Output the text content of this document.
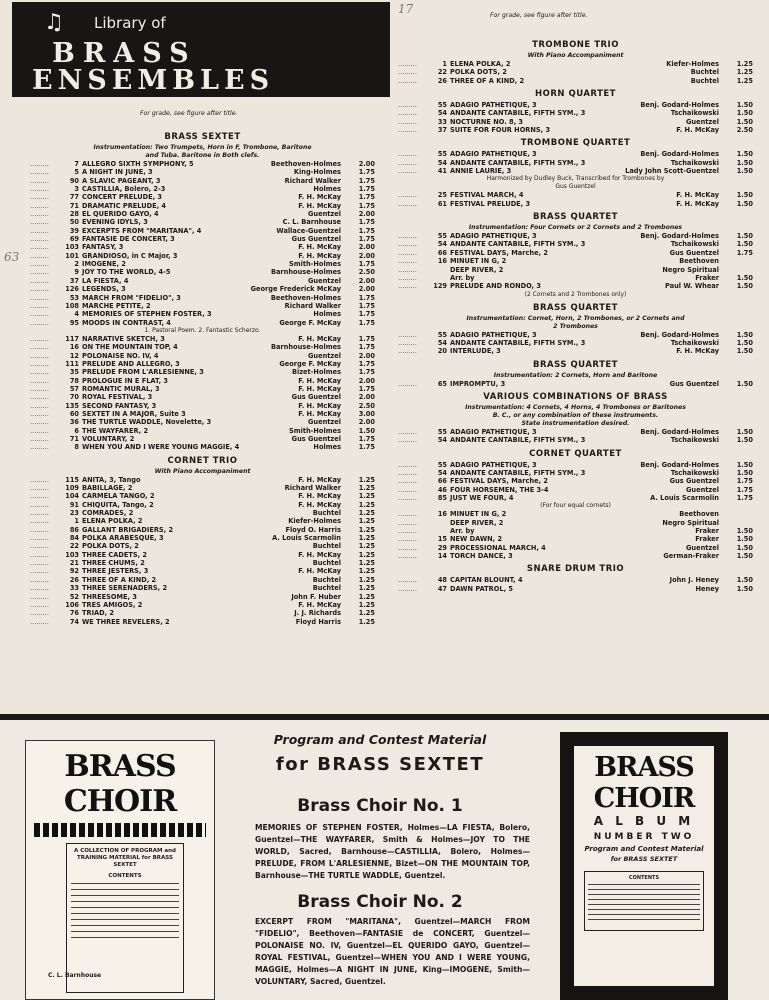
♫ Library of
BRASS
ENSEMBLES
For grade, see figure after title.
For grade, see figure after title.
63
17
BRASS SEXTET
Instrumentation: Two Trumpets, Horn in F, Trombone, Baritone
and Tuba. Baritone in Both clefs.
.........	7 ALLEGRO SIXTH SYMPHONY, 5	Beethoven-Holmes	2.00
.........	5 A NIGHT IN JUNE, 3	King-Holmes	1.75
.........	90 A SLAVIC PAGEANT, 3	Richard Walker	1.75
.........	3 CASTILLIA, Bolero, 2-3	Holmes	1.75
.........	77 CONCERT PRELUDE, 3	F. H. McKay	1.75
.........	71 DRAMATIC PRELUDE, 4	F. H. McKay	1.75
.........	28 EL QUERIDO GAYO, 4	Guentzel	2.00
.........	50 EVENING IDYLS, 3	C. L. Barnhouse	1.75
.........	39 EXCERPTS FROM "MARITANA", 4	Wallace-Guentzel	1.75
.........	69 FANTASIE DE CONCERT, 3	Gus Guentzel	1.75
.........	103 FANTASY, 3	F. H. McKay	2.00
.........	101 GRANDIOSO, in C Major, 3	F. H. McKay	2.00
.........	2 IMOGENE, 2	Smith-Holmes	1.75
.........	9 JOY TO THE WORLD, 4-5	Barnhouse-Holmes	2.50
.........	37 LA FIESTA, 4	Guentzel	2.00
.........	126 LEGENDS, 3	George Frederick McKay	2.00
.........	53 MARCH FROM "FIDELIO", 3	Beethoven-Holmes	1.75
.........	108 MARCHE PETITE, 2	Richard Walker	1.75
.........	4 MEMORIES OF STEPHEN FOSTER, 3	Holmes	1.75
.........	95 MOODS IN CONTRAST, 4	George F. McKay	1.75
1. Pastoral Poem. 2. Fantastic Scherzo.
.........	117 NARRATIVE SKETCH, 3	F. H. McKay	1.75
.........	16 ON THE MOUNTAIN TOP, 4	Barnhouse-Holmes	1.75
.........	12 POLONAISE NO. IV, 4	Guentzel	2.00
.........	111 PRELUDE AND ALLEGRO, 3	George F. McKay	1.75
.........	35 PRELUDE FROM L'ARLESIENNE, 3	Bizet-Holmes	1.75
.........	78 PROLOGUE IN E FLAT, 3	F. H. McKay	2.00
.........	57 ROMANTIC MURAL, 3	F. H. McKay	1.75
.........	70 ROYAL FESTIVAL, 3	Gus Guentzel	2.00
.........	135 SECOND FANTASY, 3	F. H. McKay	2.50
.........	60 SEXTET IN A MAJOR, Suite 3	F. H. McKay	3.00
.........	36 THE TURTLE WADDLE, Novelette, 3	Guentzel	2.00
.........	6 THE WAYFARER, 2	Smith-Holmes	1.50
.........	71 VOLUNTARY, 2	Gus Guentzel	1.75
.........	8 WHEN YOU AND I WERE YOUNG MAGGIE, 4	Holmes	1.75
CORNET TRIO
With Piano Accompaniment
.........	115 ANITA, 3, Tango	F. H. McKay	1.25
.........	109 BABILLAGE, 2	Richard Walker	1.25
.........	104 CARMELA TANGO, 2	F. H. McKay	1.25
.........	91 CHIQUITA, Tango, 2	F. H. McKay	1.25
.........	23 COMRADES, 2	Buchtel	1.25
.........	1 ELENA POLKA, 2	Kiefer-Holmes	1.25
.........	86 GALLANT BRIGADIERS, 2	Floyd O. Harris	1.25
.........	84 POLKA ARABESQUE, 3	A. Louis Scarmolin	1.25
.........	22 POLKA DOTS, 2	Buchtel	1.25
.........	103 THREE CADETS, 2	F. H. McKay	1.25
.........	21 THREE CHUMS, 2	Buchtel	1.25
.........	92 THREE JESTERS, 3	F. H. McKay	1.25
.........	26 THREE OF A KIND, 2	Buchtel	1.25
.........	33 THREE SERENADERS, 2	Buchtel	1.25
.........	52 THREESOME, 3	John F. Huber	1.25
.........	106 TRES AMIGOS, 2	F. H. McKay	1.25
.........	76 TRIAD, 2	J. J. Richards	1.25
.........	74 WE THREE REVELERS, 2	Floyd Harris	1.25
TROMBONE TRIO
With Piano Accompaniment
.........	1 ELENA POLKA, 2	Kiefer-Holmes	1.25
.........	22 POLKA DOTS, 2	Buchtel	1.25
.........	26 THREE OF A KIND, 2	Buchtel	1.25
HORN QUARTET
.........	55 ADAGIO PATHETIQUE, 3	Benj. Godard-Holmes	1.50
.........	54 ANDANTE CANTABILE, FIFTH SYM., 3	Tschaikowski	1.50
.........	33 NOCTURNE NO. 8, 3	Guentzel	1.50
.........	37 SUITE FOR FOUR HORNS, 3	F. H. McKay	2.50
TROMBONE QUARTET
.........	55 ADAGIO PATHETIQUE, 3	Benj. Godard-Holmes	1.50
.........	54 ANDANTE CANTABILE, FIFTH SYM., 3	Tschaikowski	1.50
.........	41 ANNIE LAURIE, 3	Lady John Scott-Guentzel	1.50
Harmonized by Dudley Buck, Transcribed for Trombones by
Gus Guentzel
.........	25 FESTIVAL MARCH, 4	F. H. McKay	1.50
.........	61 FESTIVAL PRELUDE, 3	F. H. McKay	1.50
BRASS QUARTET
Instrumentation: Four Cornets or 2 Cornets and 2 Trombones
.........	55 ADAGIO PATHETIQUE, 3	Benj. Godard-Holmes	1.50
.........	54 ANDANTE CANTABILE, FIFTH SYM., 3	Tschaikowski	1.50
.........	66 FESTIVAL DAYS, Marche, 2	Gus Guentzel	1.75
.........	16 MINUET IN G, 2	Beethoven
.........	DEEP RIVER, 2	Negro Spiritual
.........	Arr. by	Fraker	1.50
.........	129 PRELUDE AND RONDO, 3	Paul W. Whear	1.50
(2 Cornets and 2 Trombones only)
BRASS QUARTET
Instrumentation: Cornet, Horn, 2 Trombones, or 2 Cornets and
2 Trombones
.........	55 ADAGIO PATHETIQUE, 3	Benj. Godard-Holmes	1.50
.........	54 ANDANTE CANTABILE, FIFTH SYM., 3	Tschaikowski	1.50
.........	20 INTERLUDE, 3	F. H. McKay	1.50
BRASS QUARTET
Instrumentation: 2 Cornets, Horn and Baritone
.........	65 IMPROMPTU, 3	Gus Guentzel	1.50
VARIOUS COMBINATIONS OF BRASS
Instrumentation: 4 Cornets, 4 Horns, 4 Trombones or Baritones
B. C., or any combination of these instruments.
State instrumentation desired.
.........	55 ADAGIO PATHETIQUE, 3	Benj. Godard-Holmes	1.50
.........	54 ANDANTE CANTABILE, FIFTH SYM., 3	Tschaikowski	1.50
CORNET QUARTET
.........	55 ADAGIO PATHETIQUE, 3	Benj. Godard-Holmes	1.50
.........	54 ANDANTE CANTABILE, FIFTH SYM., 3	Tschaikowski	1.50
.........	66 FESTIVAL DAYS, Marche, 2	Gus Guentzel	1.75
.........	46 FOUR HORSEMEN, THE 3-4	Guentzel	1.75
.........	85 JUST WE FOUR, 4	A. Louis Scarmolin	1.75
(For four equal cornets)
.........	16 MINUET IN G, 2	Beethoven
.........	DEEP RIVER, 2	Negro Spiritual
.........	Arr. by	Fraker	1.50
.........	15 NEW DAWN, 2	Fraker	1.50
.........	29 PROCESSIONAL MARCH, 4	Guentzel	1.50
.........	14 TORCH DANCE, 3	German-Fraker	1.50
SNARE DRUM TRIO
.........	48 CAPITAN BLOUNT, 4	John J. Heney	1.50
.........	47 DAWN PATROL, 5	Heney	1.50
BRASS CHOIR
A COLLECTION OF PROGRAM and TRAINING MATERIAL for BRASS SEXTET
CONTENTS
C. L. Barnhouse
Program and Contest Material
for BRASS SEXTET
Brass Choir No. 1
MEMORIES OF STEPHEN FOSTER, Holmes—LA FIESTA, Bolero, Guentzel—THE WAYFARER, Smith & Holmes—JOY TO THE WORLD, Sacred, Barnhouse—CASTILLIA, Bolero, Holmes—PRELUDE, FROM L'ARLESIENNE, Bizet—ON THE MOUNTAIN TOP, Barnhouse—THE TURTLE WADDLE, Guentzel.
Brass Choir No. 2
EXCERPT FROM "MARITANA", Guentzel—MARCH FROM "FIDELIO", Beethoven—FANTASIE de CONCERT, Guentzel—POLONAISE NO. IV, Guentzel—EL QUERIDO GAYO, Guentzel—ROYAL FESTIVAL, Guentzel—WHEN YOU AND I WERE YOUNG, MAGGIE, Holmes—A NIGHT IN JUNE, King—IMOGENE, Smith—VOLUNTARY, Sacred, Guentzel.
BRASS CHOIR
A L B U M
NUMBER TWO
Program and Contest Material
for BRASS SEXTET
CONTENTS
